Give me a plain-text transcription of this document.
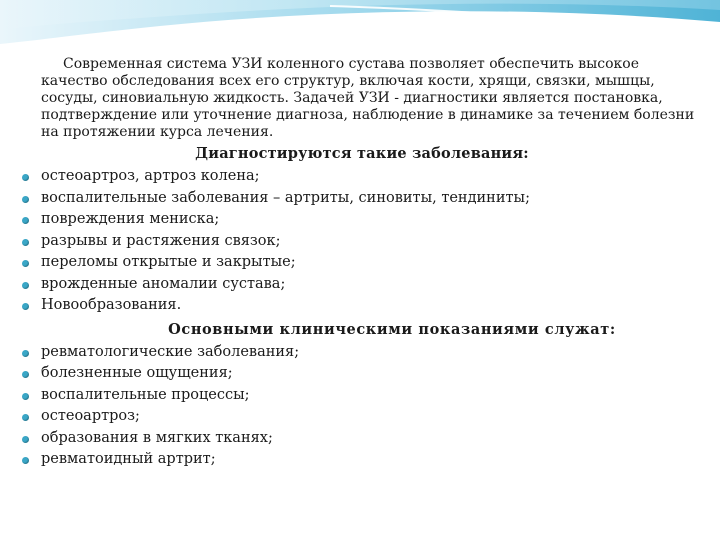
Современная система УЗИ коленного сустава позволяет обеспечить высокое качество обследования всех его структур, включая кости, хрящи, связки, мышцы, сосуды, синовиальную жидкость. Задачей УЗИ - диагностики является постановка, подтверждение или уточнение диагноза, наблюдение в динамике за течением болезни на протяжении курса лечения.

Диагностируются такие заболевания:
остеоартроз, артроз колена;
воспалительные заболевания – артриты, синовиты, тендиниты;
повреждения мениска;
разрывы и растяжения связок;
переломы открытые и закрытые;
врожденные аномалии сустава;
Новообразования.
Основными клиническими показаниями служат:
ревматологические заболевания;
болезненные ощущения;
воспалительные процессы;
остеоартроз;
образования в мягких тканях;
ревматоидный артрит;
